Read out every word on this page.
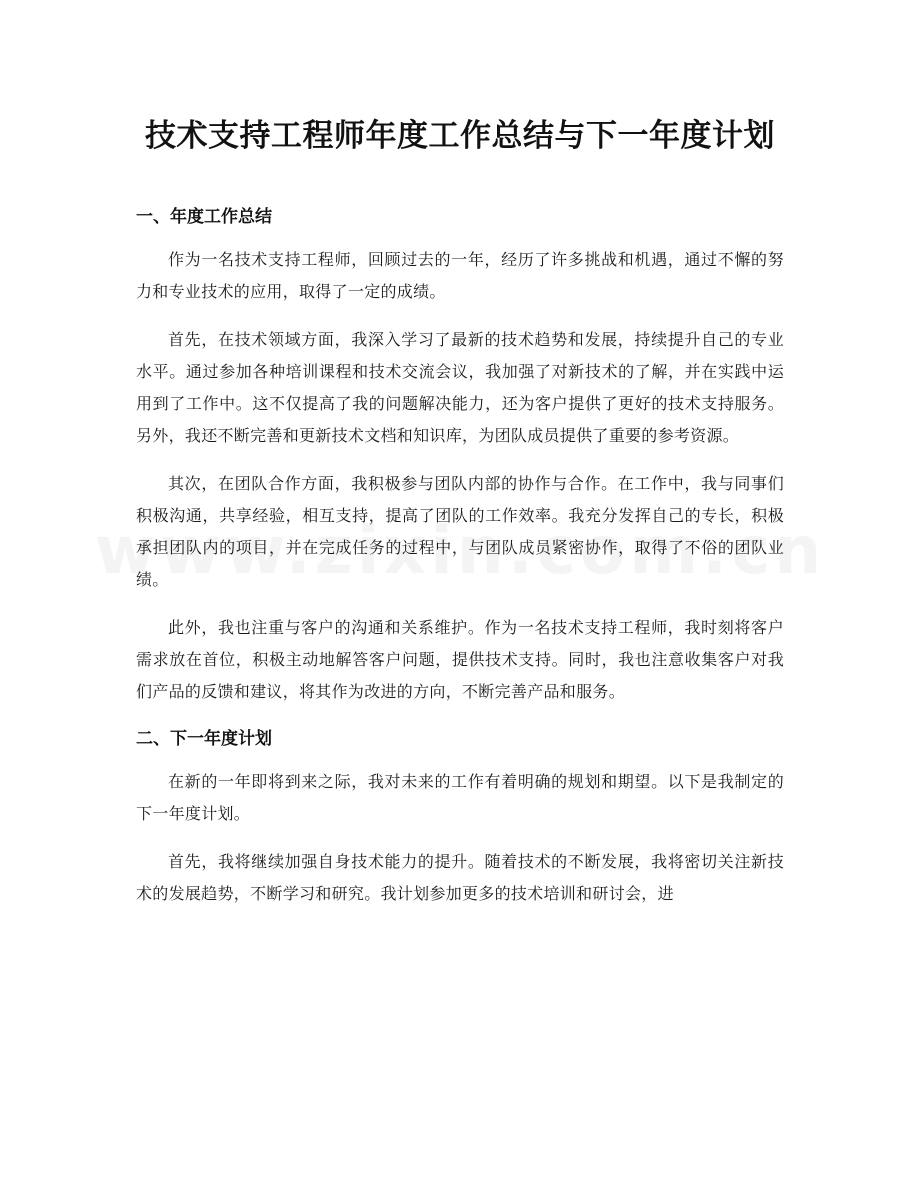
技术支持工程师年度工作总结与下一年度计划
一、年度工作总结

作为一名技术支持工程师，回顾过去的一年，经历了许多挑战和机遇，通过不懈的努力和专业技术的应用，取得了一定的成绩。

首先，在技术领域方面，我深入学习了最新的技术趋势和发展，持续提升自己的专业水平。通过参加各种培训课程和技术交流会议，我加强了对新技术的了解，并在实践中运用到了工作中。这不仅提高了我的问题解决能力，还为客户提供了更好的技术支持服务。另外，我还不断完善和更新技术文档和知识库，为团队成员提供了重要的参考资源。

其次，在团队合作方面，我积极参与团队内部的协作与合作。在工作中，我与同事们积极沟通，共享经验，相互支持，提高了团队的工作效率。我充分发挥自己的专长，积极承担团队内的项目，并在完成任务的过程中，与团队成员紧密协作，取得了不俗的团队业绩。

此外，我也注重与客户的沟通和关系维护。作为一名技术支持工程师，我时刻将客户需求放在首位，积极主动地解答客户问题，提供技术支持。同时，我也注意收集客户对我们产品的反馈和建议，将其作为改进的方向，不断完善产品和服务。

二、下一年度计划

在新的一年即将到来之际，我对未来的工作有着明确的规划和期望。以下是我制定的下一年度计划。

首先，我将继续加强自身技术能力的提升。随着技术的不断发展，我将密切关注新技术的发展趋势，不断学习和研究。我计划参加更多的技术培训和研讨会，进
